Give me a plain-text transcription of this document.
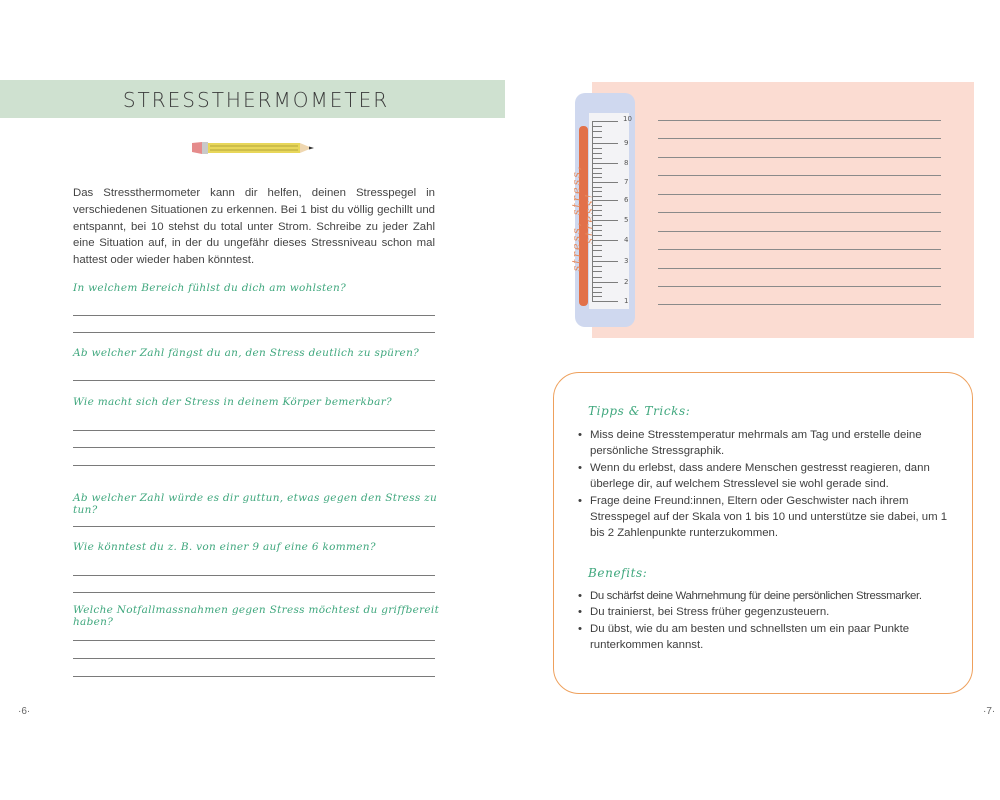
STRESSTHERMOMETER
Das Stressthermometer kann dir helfen, deinen Stresspegel in verschiedenen Situationen zu erkennen. Bei 1 bist du völlig gechillt und entspannt, bei 10 stehst du total unter Strom. Schreibe zu jeder Zahl eine Situation auf, in der du ungefähr dieses Stressniveau schon mal hattest oder wieder haben könntest.
In welchem Bereich fühlst du dich am wohlsten?
Ab welcher Zahl fängst du an, den Stress deutlich zu spüren?
Wie macht sich der Stress in deinem Körper bemerkbar?
Ab welcher Zahl würde es dir guttun, etwas gegen den Stress zu tun?
Wie könntest du z. B. von einer 9 auf eine 6 kommen?
Welche Notfallmassnahmen gegen Stress möchtest du griffbereit haben?
·6·
stress, stress, stress!
10
9
8
7
6
5
4
3
2
1
Tipps & Tricks:
• Miss deine Stresstemperatur mehrmals am Tag und erstelle deine persönliche Stressgraphik.
• Wenn du erlebst, dass andere Menschen gestresst reagieren, dann überlege dir, auf welchem Stresslevel sie wohl gerade sind.
• Frage deine Freund:innen, Eltern oder Geschwister nach ihrem Stresspegel auf der Skala von 1 bis 10 und unterstütze sie dabei, um 1 bis 2 Zahlenpunkte runterzukommen.
Benefits:
• Du schärfst deine Wahrnehmung für deine persönlichen Stressmarker.
• Du trainierst, bei Stress früher gegenzusteuern.
• Du übst, wie du am besten und schnellsten um ein paar Punkte runterkommen kannst.
·7·
